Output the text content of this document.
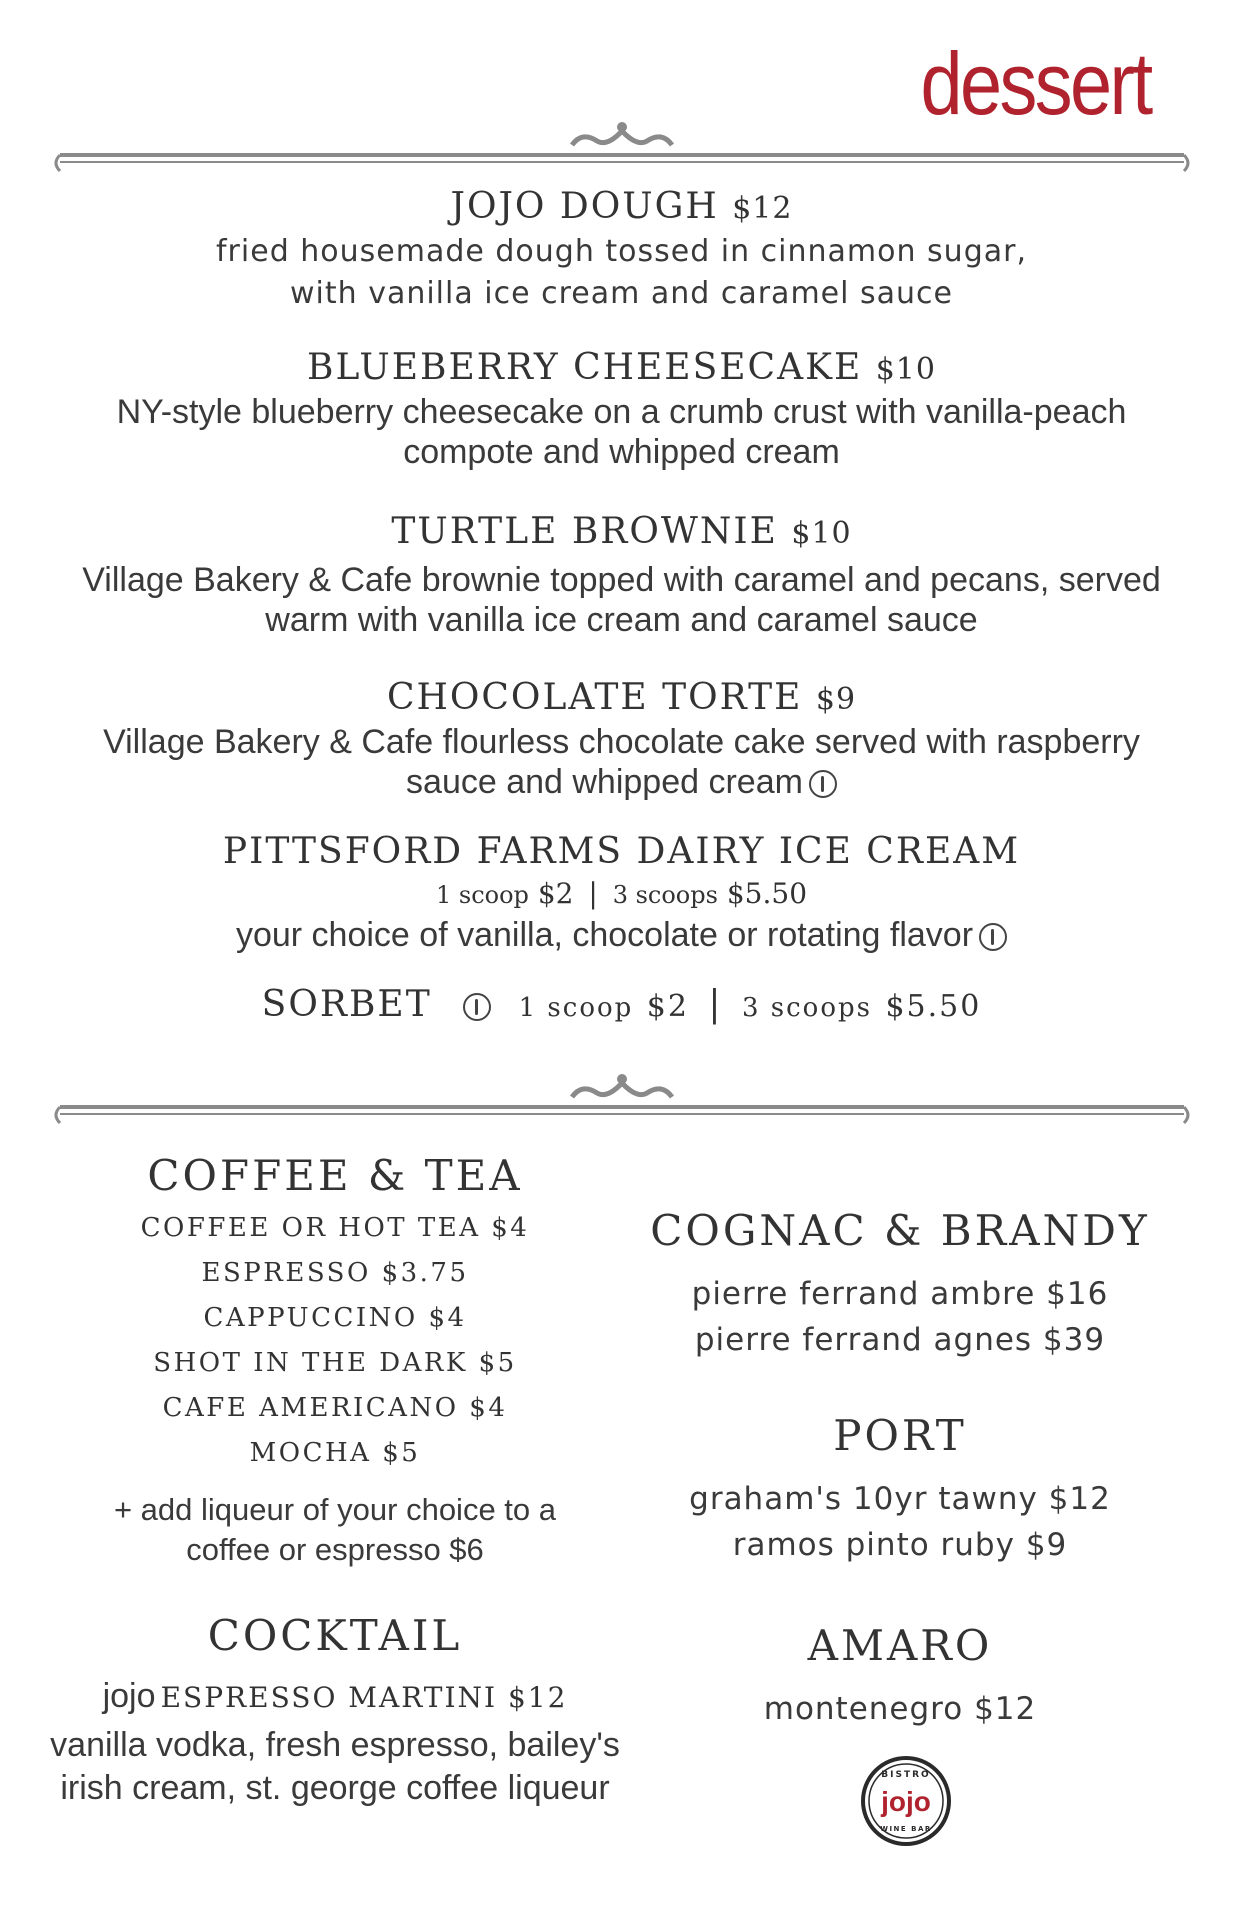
dessert
JOJO DOUGH $12
fried housemade dough tossed in cinnamon sugar,
with vanilla ice cream and caramel sauce
BLUEBERRY CHEESECAKE $10
NY-style blueberry cheesecake on a crumb crust with vanilla-peach
compote and whipped cream
TURTLE BROWNIE $10
Village Bakery & Cafe brownie topped with caramel and pecans, served
warm with vanilla ice cream and caramel sauce
CHOCOLATE TORTE $9
Village Bakery & Cafe flourless chocolate cake served with raspberry
sauce and whipped cream
PITTSFORD FARMS DAIRY ICE CREAM
1 scoop $2 | 3 scoops $5.50
your choice of vanilla, chocolate or rotating flavor
SORBET	1 scoop $2 | 3 scoops $5.50
COFFEE & TEA
COFFEE OR HOT TEA $4
ESPRESSO $3.75
CAPPUCCINO $4
SHOT IN THE DARK $5
CAFE AMERICANO $4
MOCHA $5
+ add liqueur of your choice to a
coffee or espresso $6
COCKTAIL
jojo ESPRESSO MARTINI $12
vanilla vodka, fresh espresso, bailey's
irish cream, st. george coffee liqueur
COGNAC & BRANDY
pierre ferrand ambre $16
pierre ferrand agnes $39
PORT
graham's 10yr tawny $12
ramos pinto ruby $9
AMARO
montenegro $12
BISTRO
jojo
WINE BAR
